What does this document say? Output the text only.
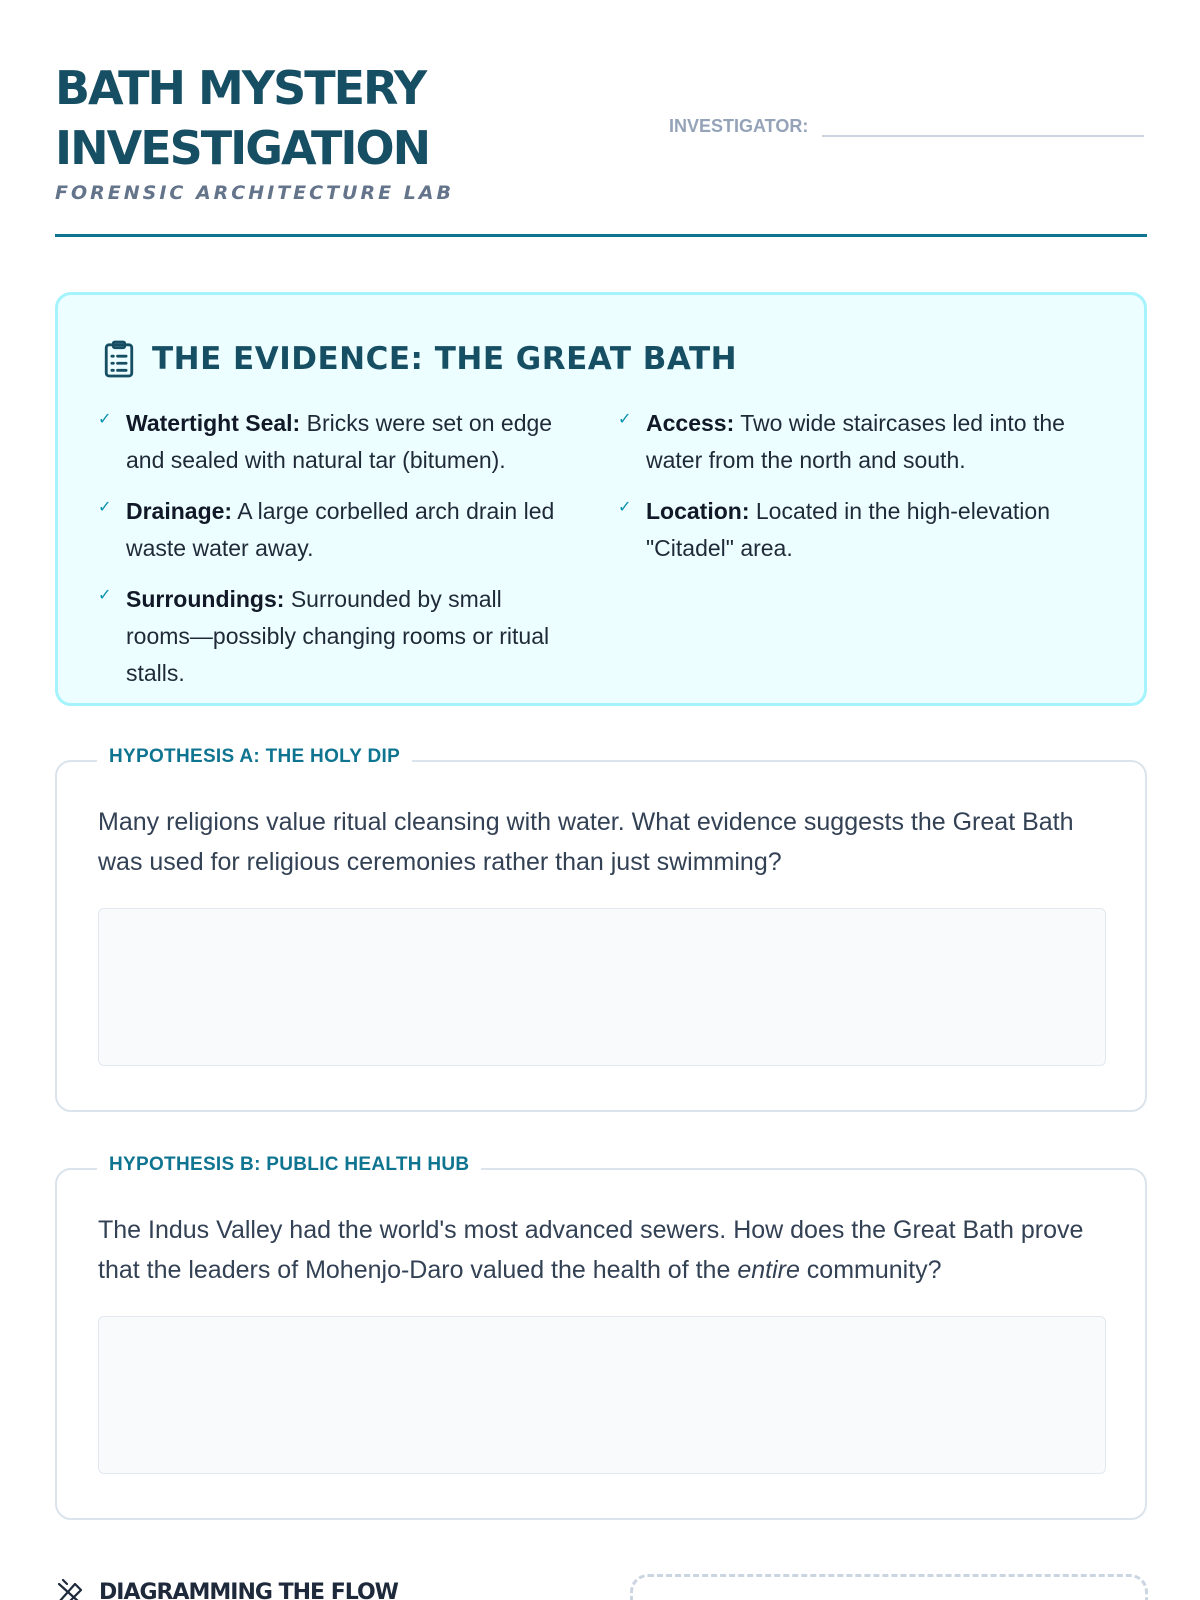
BATH MYSTERY
INVESTIGATION
FORENSIC ARCHITECTURE LAB
INVESTIGATOR:
THE EVIDENCE: THE GREAT BATH
✓ Watertight Seal: Bricks were set on edge and sealed with natural tar (bitumen).
✓ Access: Two wide staircases led into the water from the north and south.
✓ Drainage: A large corbelled arch drain led waste water away.
✓ Location: Located in the high-elevation "Citadel" area.
✓ Surroundings: Surrounded by small rooms—possibly changing rooms or ritual stalls.
HYPOTHESIS A: THE HOLY DIP

Many religions value ritual cleansing with water. What evidence suggests the Great Bath was used for religious ceremonies rather than just swimming?

HYPOTHESIS B: PUBLIC HEALTH HUB

The Indus Valley had the world's most advanced sewers. How does the Great Bath prove that the leaders of Mohenjo-Daro valued the health of the entire community?

DIAGRAMMING THE FLOW
